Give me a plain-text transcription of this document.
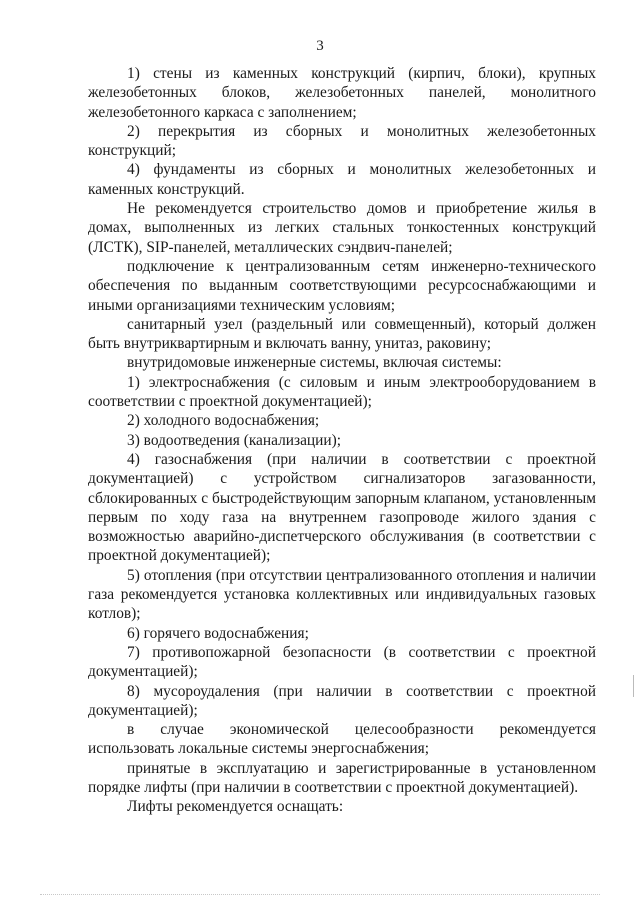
3

1) стены из каменных конструкций (кирпич, блоки), крупных железобетонных блоков, железобетонных панелей, монолитного железобетонного каркаса с заполнением;

2) перекрытия из сборных и монолитных железобетонных конструкций;

4) фундаменты из сборных и монолитных железобетонных и каменных конструкций.

Не рекомендуется строительство домов и приобретение жилья в домах, выполненных из легких стальных тонкостенных конструкций (ЛСТК), SIP-панелей, металлических сэндвич-панелей;

подключение к централизованным сетям инженерно-технического обеспечения по выданным соответствующими ресурсоснабжающими и иными организациями техническим условиям;

санитарный узел (раздельный или совмещенный), который должен быть внутриквартирным и включать ванну, унитаз, раковину;

внутридомовые инженерные системы, включая системы:

1) электроснабжения (с силовым и иным электрооборудованием в соответствии с проектной документацией);

2) холодного водоснабжения;

3) водоотведения (канализации);

4) газоснабжения (при наличии в соответствии с проектной документацией) с устройством сигнализаторов загазованности, сблокированных с быстродействующим запорным клапаном, установленным первым по ходу газа на внутреннем газопроводе жилого здания с возможностью аварийно-диспетчерского обслуживания (в соответствии с проектной документацией);

5) отопления (при отсутствии централизованного отопления и наличии газа рекомендуется установка коллективных или индивидуальных газовых котлов);

6) горячего водоснабжения;

7) противопожарной безопасности (в соответствии с проектной документацией);

8) мусороудаления (при наличии в соответствии с проектной документацией);

в случае экономической целесообразности рекомендуется использовать локальные системы энергоснабжения;

принятые в эксплуатацию и зарегистрированные в установленном порядке лифты (при наличии в соответствии с проектной документацией).

Лифты рекомендуется оснащать:
